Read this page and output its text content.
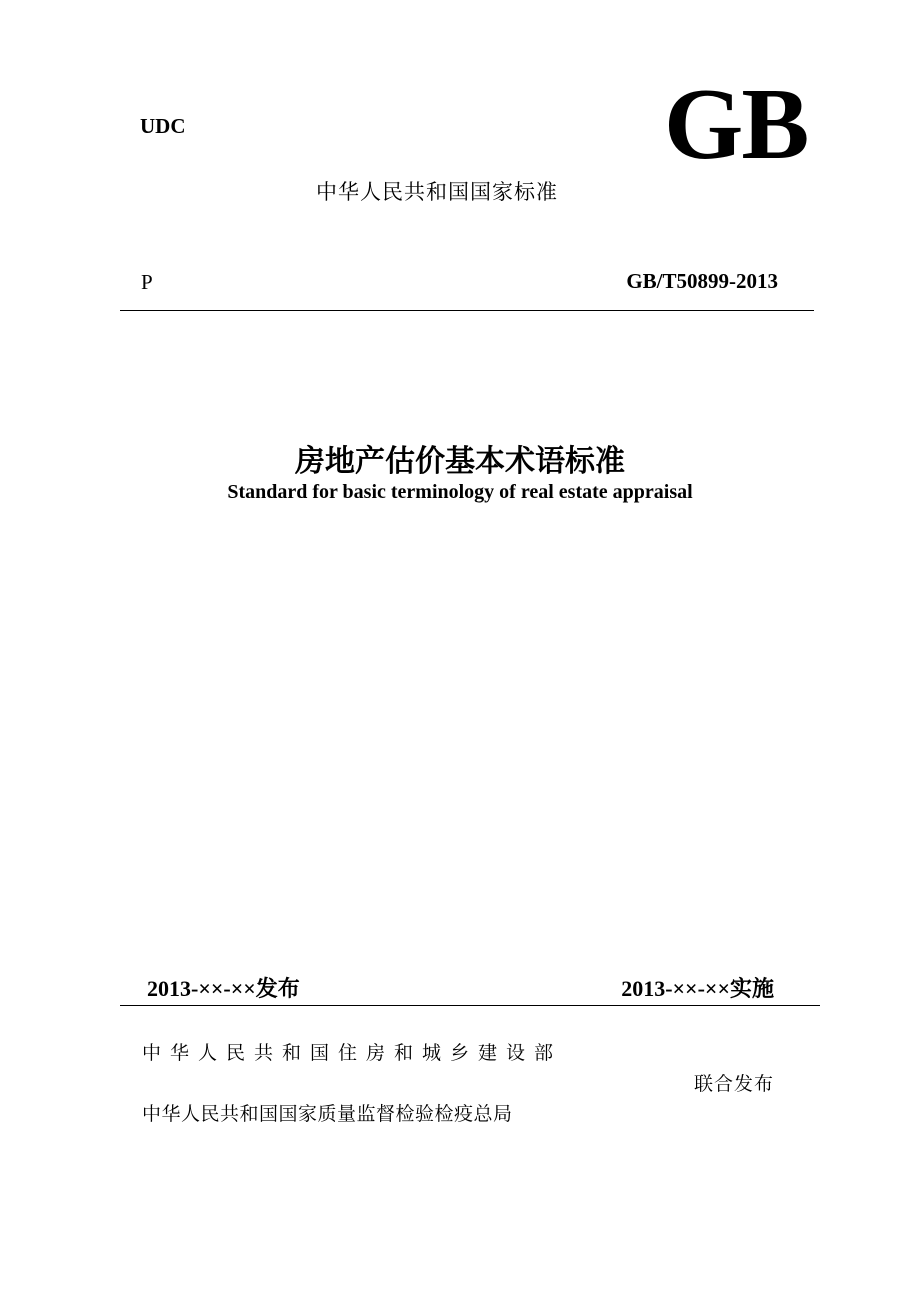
UDC	GB
中华人民共和国国家标准
P	GB/T50899-2013
房地产估价基本术语标准
Standard for basic terminology of real estate appraisal
2013-××-××发布	2013-××-××实施
中华人民共和国住房和城乡建设部
联合发布
中华人民共和国国家质量监督检验检疫总局
